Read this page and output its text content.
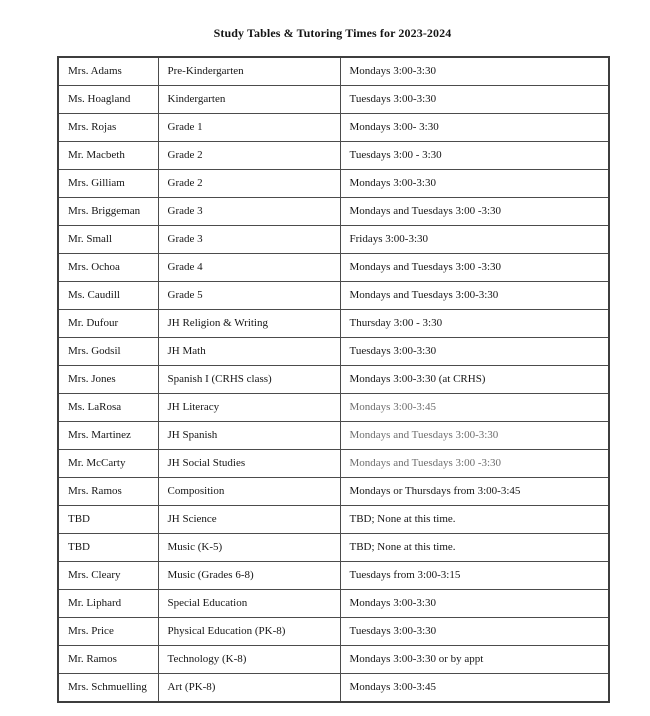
Study Tables & Tutoring Times for 2023-2024
Mrs. Adams	Pre-Kindergarten	Mondays 3:00-3:30
Ms. Hoagland	Kindergarten	Tuesdays 3:00-3:30
Mrs. Rojas	Grade 1	Mondays 3:00- 3:30
Mr. Macbeth	Grade 2	Tuesdays 3:00 - 3:30
Mrs. Gilliam	Grade 2	Mondays 3:00-3:30
Mrs. Briggeman	Grade 3	Mondays and Tuesdays 3:00 -3:30
Mr. Small	Grade 3	Fridays 3:00-3:30
Mrs. Ochoa	Grade 4	Mondays and Tuesdays 3:00 -3:30
Ms. Caudill	Grade 5	Mondays and Tuesdays 3:00-3:30
Mr. Dufour	JH Religion & Writing	Thursday 3:00 - 3:30
Mrs. Godsil	JH Math	Tuesdays 3:00-3:30
Mrs. Jones	Spanish I (CRHS class)	Mondays 3:00-3:30 (at CRHS)
Ms. LaRosa	JH Literacy	Mondays 3:00-3:45
Mrs. Martinez	JH Spanish	Mondays and Tuesdays 3:00-3:30
Mr. McCarty	JH Social Studies	Mondays and Tuesdays 3:00 -3:30
Mrs. Ramos	Composition	Mondays or Thursdays from 3:00-3:45
TBD	JH Science	TBD; None at this time.
TBD	Music (K-5)	TBD; None at this time.
Mrs. Cleary	Music (Grades 6-8)	Tuesdays from 3:00-3:15
Mr. Liphard	Special Education	Mondays 3:00-3:30
Mrs. Price	Physical Education (PK-8)	Tuesdays 3:00-3:30
Mr. Ramos	Technology (K-8)	Mondays 3:00-3:30 or by appt
Mrs. Schmuelling	Art (PK-8)	Mondays 3:00-3:45
